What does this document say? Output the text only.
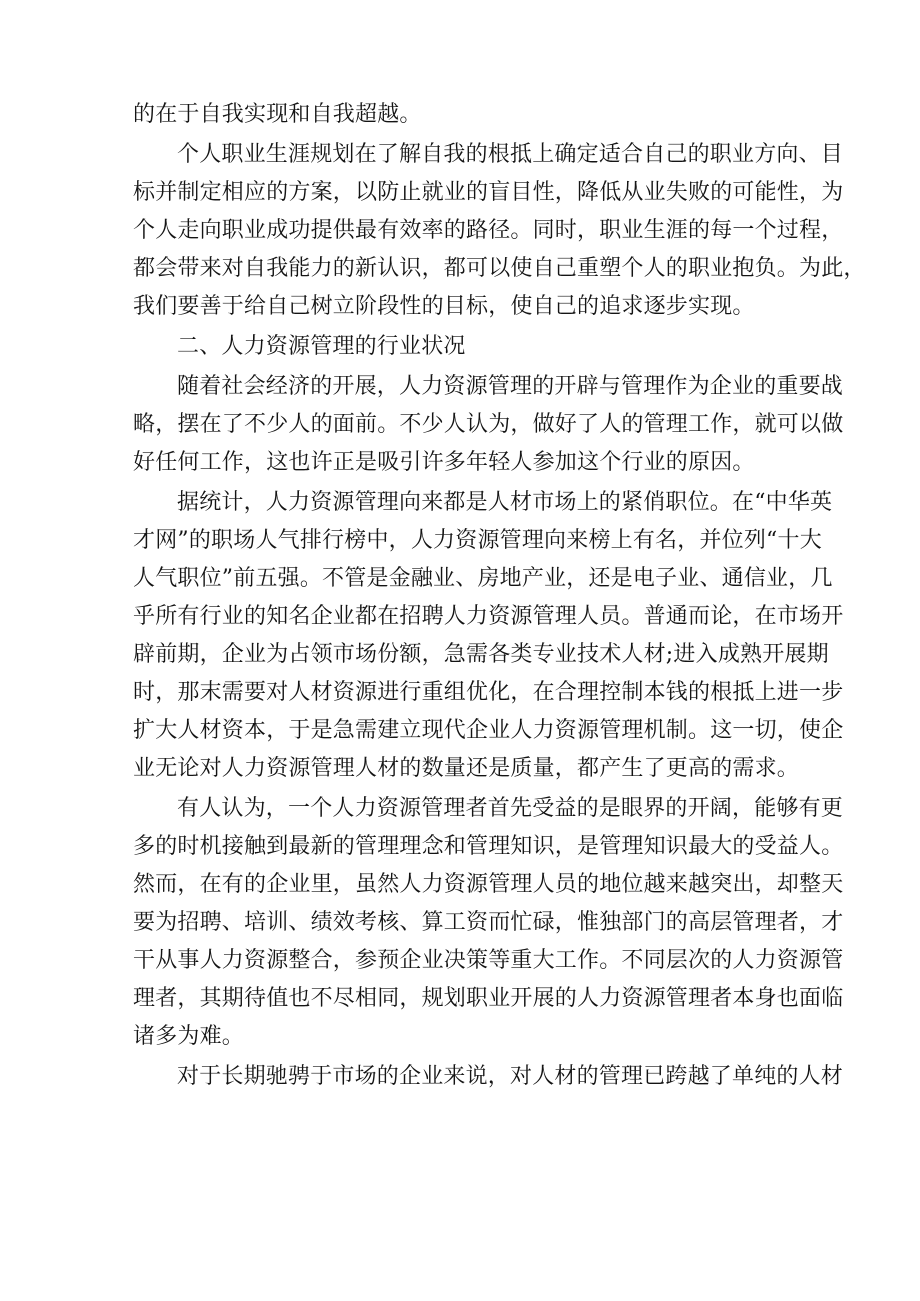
的在于自我实现和自我超越。
个人职业生涯规划在了解自我的根抵上确定适合自己的职业方向、目
标并制定相应的方案，以防止就业的盲目性，降低从业失败的可能性，为
个人走向职业成功提供最有效率的路径。同时，职业生涯的每一个过程，
都会带来对自我能力的新认识，都可以使自己重塑个人的职业抱负。为此，
我们要善于给自己树立阶段性的目标，使自己的追求逐步实现。
二、人力资源管理的行业状况
随着社会经济的开展，人力资源管理的开辟与管理作为企业的重要战
略，摆在了不少人的面前。不少人认为，做好了人的管理工作，就可以做
好任何工作，这也许正是吸引许多年轻人参加这个行业的原因。
据统计，人力资源管理向来都是人材市场上的紧俏职位。在“中华英
才网”的职场人气排行榜中，人力资源管理向来榜上有名，并位列“十大
人气职位”前五强。不管是金融业、房地产业，还是电子业、通信业，几
乎所有行业的知名企业都在招聘人力资源管理人员。普通而论，在市场开
辟前期，企业为占领市场份额，急需各类专业技术人材;进入成熟开展期
时，那末需要对人材资源进行重组优化，在合理控制本钱的根抵上进一步
扩大人材资本，于是急需建立现代企业人力资源管理机制。这一切，使企
业无论对人力资源管理人材的数量还是质量，都产生了更高的需求。
有人认为，一个人力资源管理者首先受益的是眼界的开阔，能够有更
多的时机接触到最新的管理理念和管理知识，是管理知识最大的受益人。
然而，在有的企业里，虽然人力资源管理人员的地位越来越突出，却整天
要为招聘、培训、绩效考核、算工资而忙碌，惟独部门的高层管理者，才
干从事人力资源整合，参预企业决策等重大工作。不同层次的人力资源管
理者，其期待值也不尽相同，规划职业开展的人力资源管理者本身也面临
诸多为难。
对于长期驰骋于市场的企业来说，对人材的管理已跨越了单纯的人材
